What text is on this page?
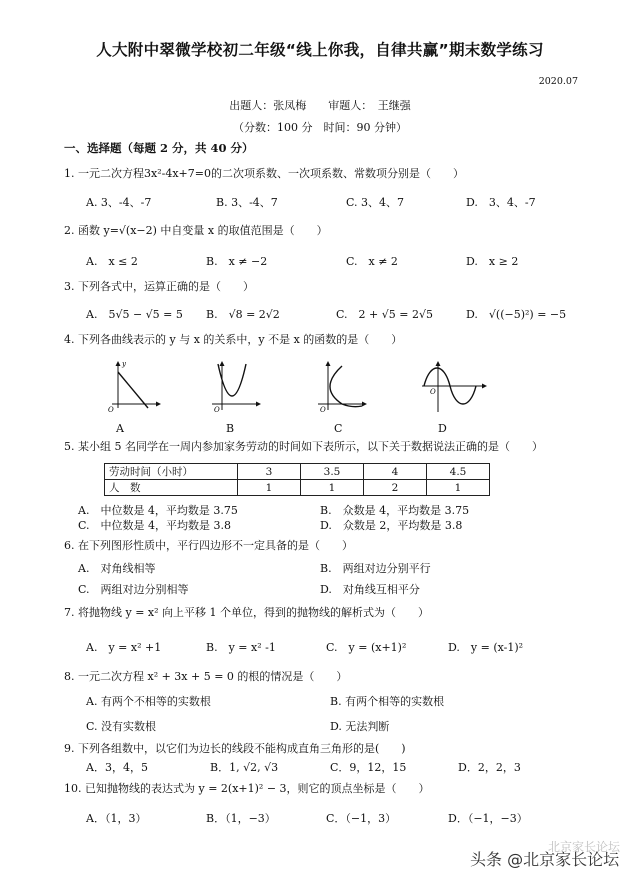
人大附中翠微学校初二年级“线上你我，自律共赢”期末数学练习
2020.07
出题人：张凤梅　　审题人：　王继强
（分数：100 分　时间：90 分钟）
一、选择题（每题 2 分，共 40 分）
1. 一元二次方程3x²-4x+7=0的二次项系数、一次项系数、常数项分别是（　　）
A. 3、-4、-7	B. 3、-4、7	C. 3、4、7	D.　3、4、-7
2. 函数 y=√(x−2) 中自变量 x 的取值范围是（　　）
A.　x ≤ 2	B.　x ≠ −2	C.　x ≠ 2	D.　x ≥ 2
3. 下列各式中，运算正确的是（　　）
A.　5√5 − √5 = 5 B.　√8 = 2√2	C.　2 + √5 = 2√5	D.　√((−5)²) = −5
4. 下列各曲线表示的 y 与 x 的关系中，y 不是 x 的函数的是（　　）
O
y
O	O
O
A	B	C	D
5. 某小组 5 名同学在一周内参加家务劳动的时间如下表所示，以下关于数据说法正确的是（　　）
劳动时间（小时）	3	3.5	4	4.5
人　数	1	1	2	1
A.　中位数是 4，平均数是 3.75	B.　众数是 4，平均数是 3.75
C.　中位数是 4，平均数是 3.8	D.　众数是 2，平均数是 3.8
6. 在下列图形性质中，平行四边形不一定具备的是（　　）
A.　对角线相等	B.　两组对边分别平行
C.　两组对边分别相等	D.　对角线互相平分
7. 将抛物线 y = x² 向上平移 1 个单位，得到的抛物线的解析式为（　　）
A.　y = x² +1	B.　y = x² -1	C.　y = (x+1)²	D.　y = (x-1)²
8. 一元二次方程 x² + 3x + 5 = 0 的根的情况是（　　）
A. 有两个不相等的实数根	B. 有两个相等的实数根
C. 没有实数根	D. 无法判断
9. 下列各组数中，以它们为边长的线段不能构成直角三角形的是(　　)
A．3，4，5	B．1, √2, √3	C．9，12，15	D．2，2，3
10. 已知抛物线的表达式为 y = 2(x+1)² − 3，则它的顶点坐标是（　　）
A．（1，3）	B．（1，−3）	C．（−1，3）	D．（−1，−3）
北京家长论坛
头条 @北京家长论坛
